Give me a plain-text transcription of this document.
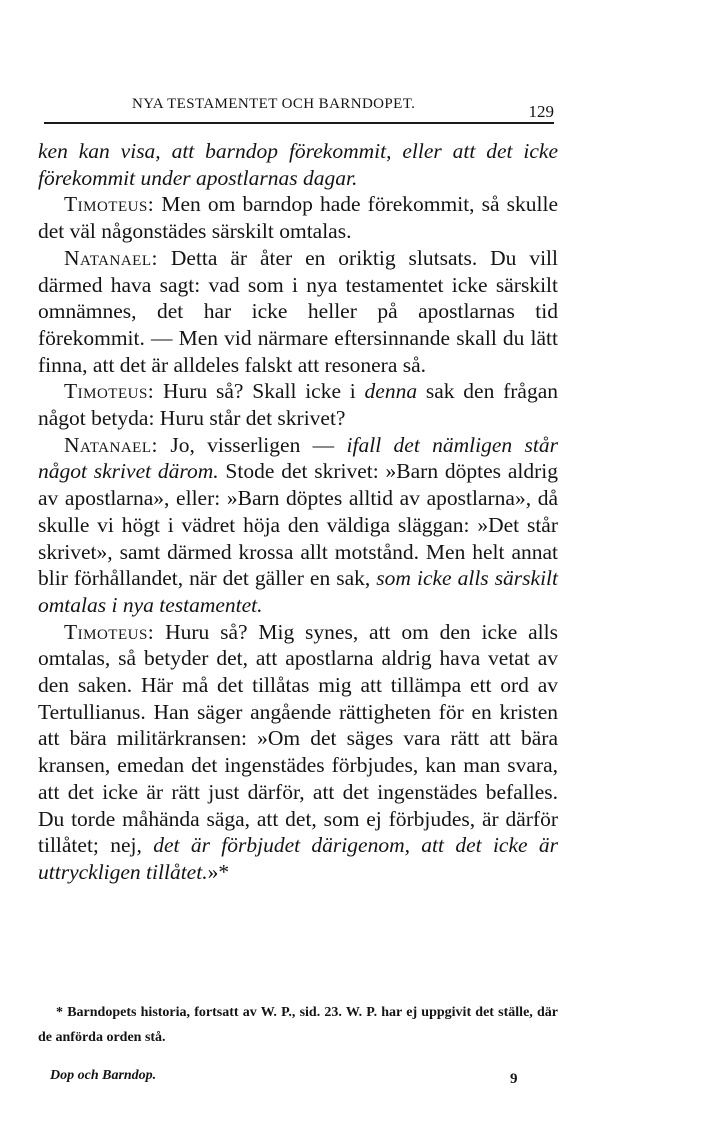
NYA TESTAMENTET OCH BARNDOPET.	129

ken kan visa, att barndop förekommit, eller att det icke förekommit under apostlarnas dagar.

Timoteus: Men om barndop hade förekommit, så skulle det väl någonstädes särskilt omtalas.

Natanael: Detta är åter en oriktig slutsats. Du vill därmed hava sagt: vad som i nya testamentet icke särskilt omnämnes, det har icke heller på apostlarnas tid förekommit. — Men vid närmare eftersinnande skall du lätt finna, att det är alldeles falskt att resonera så.

Timoteus: Huru så? Skall icke i denna sak den frågan något betyda: Huru står det skrivet?

Natanael: Jo, visserligen — ifall det nämligen står något skrivet därom. Stode det skrivet: »Barn döptes aldrig av apostlarna», eller: »Barn döptes alltid av apostlarna», då skulle vi högt i vädret höja den väldiga släggan: »Det står skrivet», samt därmed krossa allt motstånd. Men helt annat blir förhållandet, när det gäller en sak, som icke alls särskilt omtalas i nya testamentet.

Timoteus: Huru så? Mig synes, att om den icke alls omtalas, så betyder det, att apostlarna aldrig hava vetat av den saken. Här må det tillåtas mig att tillämpa ett ord av Tertullianus. Han säger angående rättigheten för en kristen att bära militärkransen: »Om det säges vara rätt att bära kransen, emedan det ingenstädes förbjudes, kan man svara, att det icke är rätt just därför, att det ingenstädes befalles. Du torde måhända säga, att det, som ej förbjudes, är därför tillåtet; nej, det är förbjudet därigenom, att det icke är uttryckligen tillåtet.»*

* Barndopets historia, fortsatt av W. P., sid. 23. W. P. har ej uppgivit det ställe, där de anförda orden stå.

Dop och Barndop.	9
